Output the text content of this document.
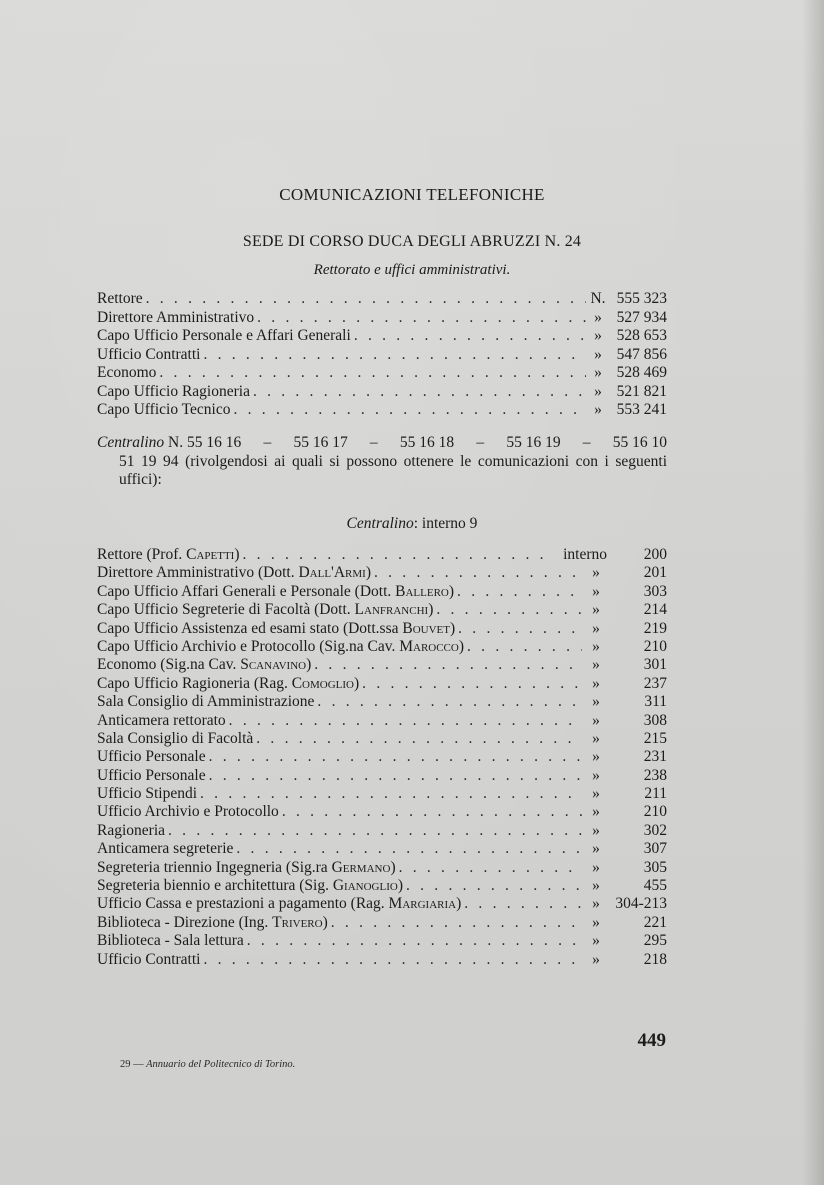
COMUNICAZIONI TELEFONICHE
SEDE DI CORSO DUCA DEGLI ABRUZZI N. 24
Rettorato e uffici amministrativi.
Rettore . . .	N. 555 323
Direttore Amministrativo . . .	» 527 934
Capo Ufficio Personale e Affari Generali . . .	» 528 653
Ufficio Contratti . . .	» 547 856
Economo . . .	» 528 469
Capo Ufficio Ragioneria . . .	» 521 821
Capo Ufficio Tecnico . . .	» 553 241
Centralino N. 55 16 16 – 55 16 17 – 55 16 18 – 55 16 19 – 55 16 10
51 19 94 (rivolgendosi ai quali si possono ottenere le comunicazioni con i seguenti uffici):
Centralino: interno 9
Rettore (Prof. Capetti) . . .	interno	200
Direttore Amministrativo (Dott. Dall'Armi) . . .	»	201
Capo Ufficio Affari Generali e Personale (Dott. Ballero) . . .	»	303
Capo Ufficio Segreterie di Facoltà (Dott. Lanfranchi) . . .	»	214
Capo Ufficio Assistenza ed esami stato (Dott.ssa Bouvet) . . .	»	219
Capo Ufficio Archivio e Protocollo (Sig.na Cav. Marocco) . . .	»	210
Economo (Sig.na Cav. Scanavino) . . .	»	301
Capo Ufficio Ragioneria (Rag. Comoglio) . . .	»	237
Sala Consiglio di Amministrazione . . .	»	311
Anticamera rettorato . . .	»	308
Sala Consiglio di Facoltà . . .	»	215
Ufficio Personale . . .	»	231
Ufficio Personale . . .	»	238
Ufficio Stipendi . . .	»	211
Ufficio Archivio e Protocollo . . .	»	210
Ragioneria . . .	»	302
Anticamera segreterie . . .	»	307
Segreteria triennio Ingegneria (Sig.ra Germano) . . .	»	305
Segreteria biennio e architettura (Sig. Gianoglio) . . .	»	455
Ufficio Cassa e prestazioni a pagamento (Rag. Margiaria) . . .	» 304-213
Biblioteca - Direzione (Ing. Trivero) . . .	»	221
Biblioteca - Sala lettura . . .	»	295
Ufficio Contratti . . .	»	218
29 — Annuario del Politecnico di Torino.
449
